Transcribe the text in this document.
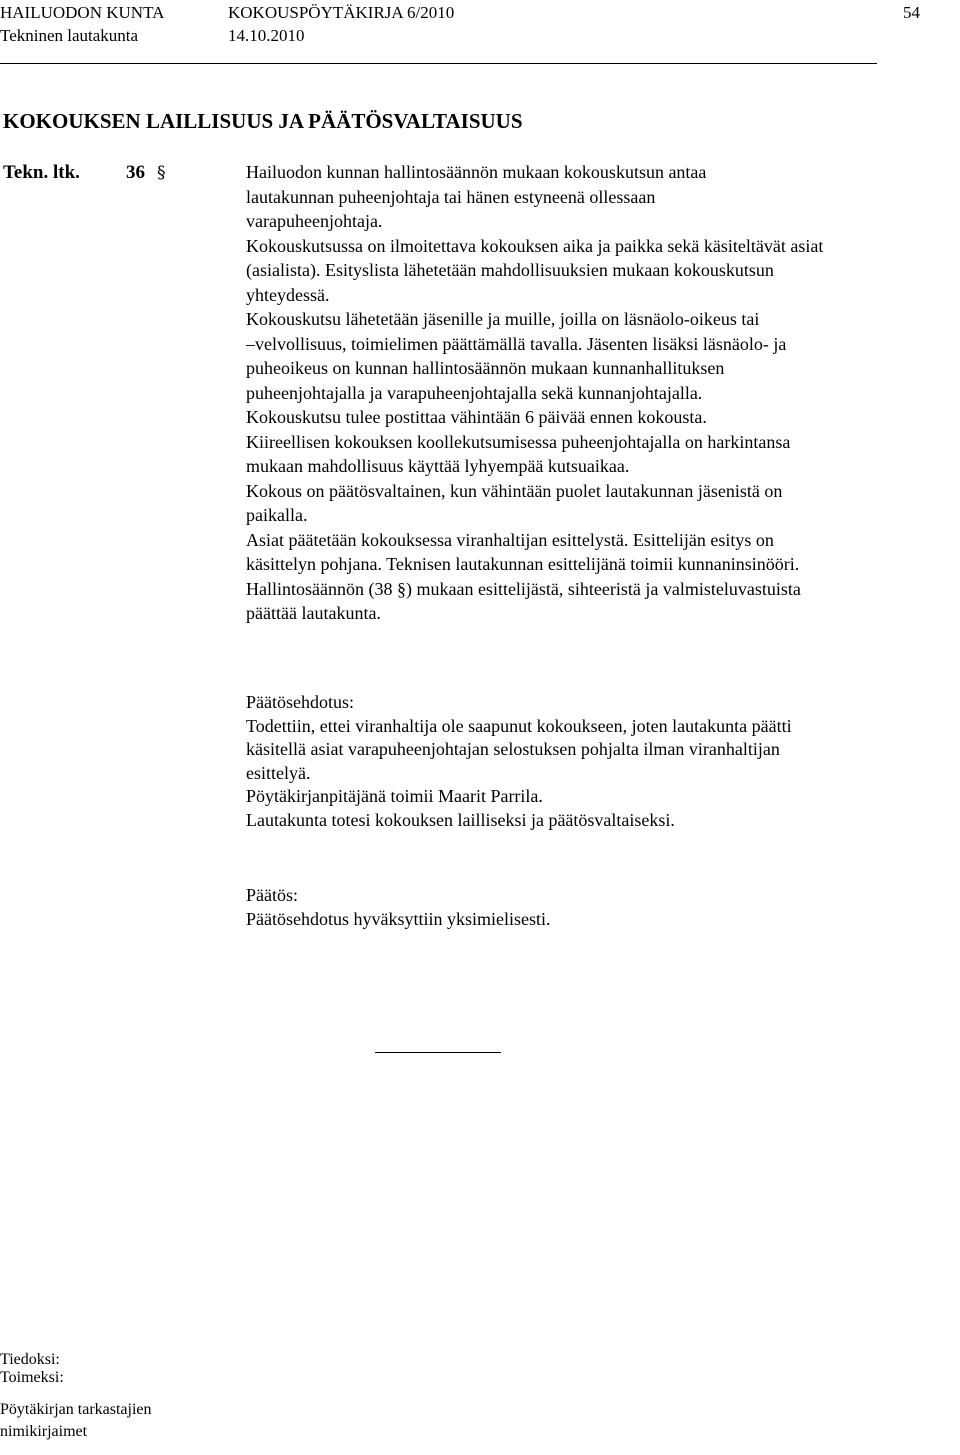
HAILUODON KUNTA	KOKOUSPÖYTÄKIRJA 6/2010	54
Tekninen lautakunta	14.10.2010
KOKOUKSEN LAILLISUUS JA PÄÄTÖSVALTAISUUS
Tekn. ltk. 36 §	Hailuodon kunnan hallintosäännön mukaan kokouskutsun antaa
lautakunnan puheenjohtaja tai hänen estyneenä ollessaan
varapuheenjohtaja.
Kokouskutsussa on ilmoitettava kokouksen aika ja paikka sekä käsiteltävät asiat
(asialista). Esityslista lähetetään mahdollisuuksien mukaan kokouskutsun
yhteydessä.
Kokouskutsu lähetetään jäsenille ja muille, joilla on läsnäolo-oikeus tai
–velvollisuus, toimielimen päättämällä tavalla. Jäsenten lisäksi läsnäolo- ja
puheoikeus on kunnan hallintosäännön mukaan kunnanhallituksen
puheenjohtajalla ja varapuheenjohtajalla sekä kunnanjohtajalla.
Kokouskutsu tulee postittaa vähintään 6 päivää ennen kokousta.
Kiireellisen kokouksen koollekutsumisessa puheenjohtajalla on harkintansa
mukaan mahdollisuus käyttää lyhyempää kutsuaikaa.
Kokous on päätösvaltainen, kun vähintään puolet lautakunnan jäsenistä on
paikalla.
Asiat päätetään kokouksessa viranhaltijan esittelystä. Esittelijän esitys on
käsittelyn pohjana. Teknisen lautakunnan esittelijänä toimii kunnaninsinööri.
Hallintosäännön (38 §) mukaan esittelijästä, sihteeristä ja valmisteluvastuista
päättää lautakunta.
Päätösehdotus:
Todettiin, ettei viranhaltija ole saapunut kokoukseen, joten lautakunta päätti
käsitellä asiat varapuheenjohtajan selostuksen pohjalta ilman viranhaltijan
esittelyä.
Pöytäkirjanpitäjänä toimii Maarit Parrila.
Lautakunta totesi kokouksen lailliseksi ja päätösvaltaiseksi.
Päätös:
Päätösehdotus hyväksyttiin yksimielisesti.
Tiedoksi:
Toimeksi:
Pöytäkirjan tarkastajien
nimikirjaimet
